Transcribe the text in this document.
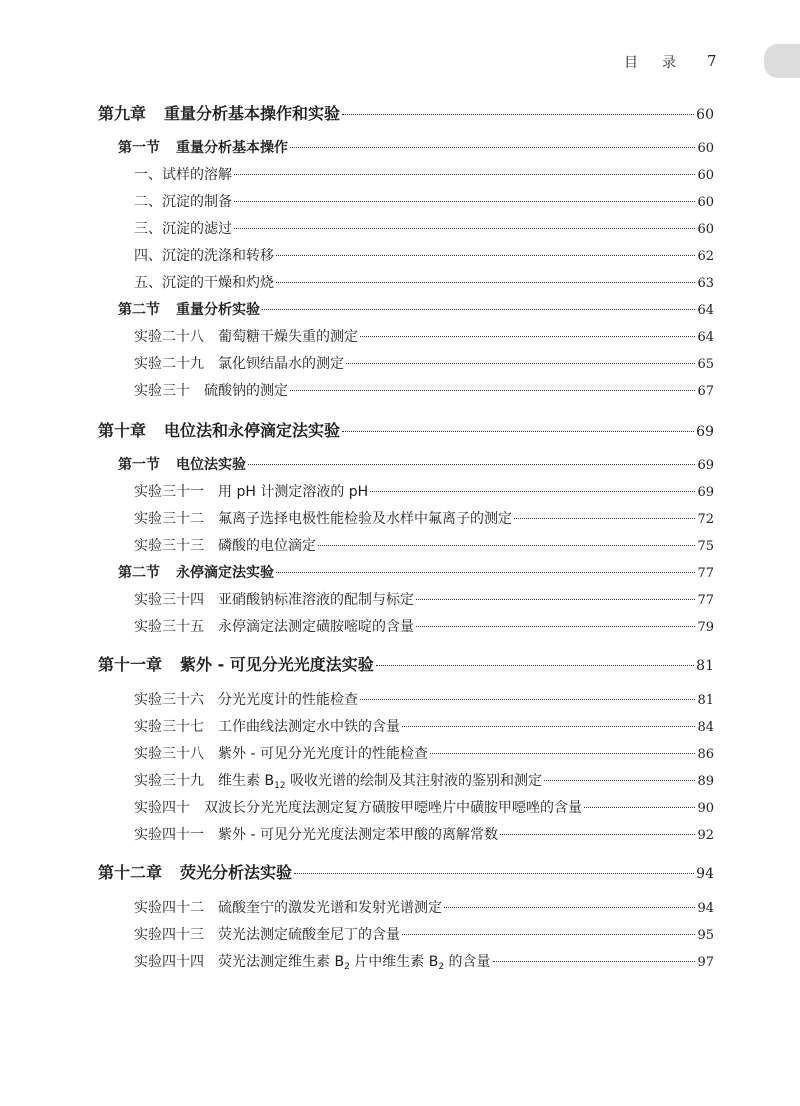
目 录 7
第九章 重量分析基本操作和实验	60
第一节 重量分析基本操作	60
一、试样的溶解	60
二、沉淀的制备	60
三、沉淀的滤过	60
四、沉淀的洗涤和转移	62
五、沉淀的干燥和灼烧	63
第二节 重量分析实验	64
实验二十八 葡萄糖干燥失重的测定	64
实验二十九 氯化钡结晶水的测定	65
实验三十 硫酸钠的测定	67
第十章 电位法和永停滴定法实验	69
第一节 电位法实验	69
实验三十一 用 pH 计测定溶液的 pH	69
实验三十二 氟离子选择电极性能检验及水样中氟离子的测定	72
实验三十三 磷酸的电位滴定	75
第二节 永停滴定法实验	77
实验三十四 亚硝酸钠标准溶液的配制与标定	77
实验三十五 永停滴定法测定磺胺嘧啶的含量	79
第十一章 紫外 - 可见分光光度法实验	81
实验三十六 分光光度计的性能检查	81
实验三十七 工作曲线法测定水中铁的含量	84
实验三十八 紫外 - 可见分光光度计的性能检查	86
实验三十九 维生素 $B_{12}$ 吸收光谱的绘制及其注射液的鉴别和测定	89
实验四十 双波长分光光度法测定复方磺胺甲噁唑片中磺胺甲噁唑的含量	90
实验四十一 紫外 - 可见分光光度法测定苯甲酸的离解常数	92
第十二章 荧光分析法实验	94
实验四十二 硫酸奎宁的激发光谱和发射光谱测定	94
实验四十三 荧光法测定硫酸奎尼丁的含量	95
实验四十四 荧光法测定维生素 $B_2$ 片中维生素 $B_2$ 的含量	97
